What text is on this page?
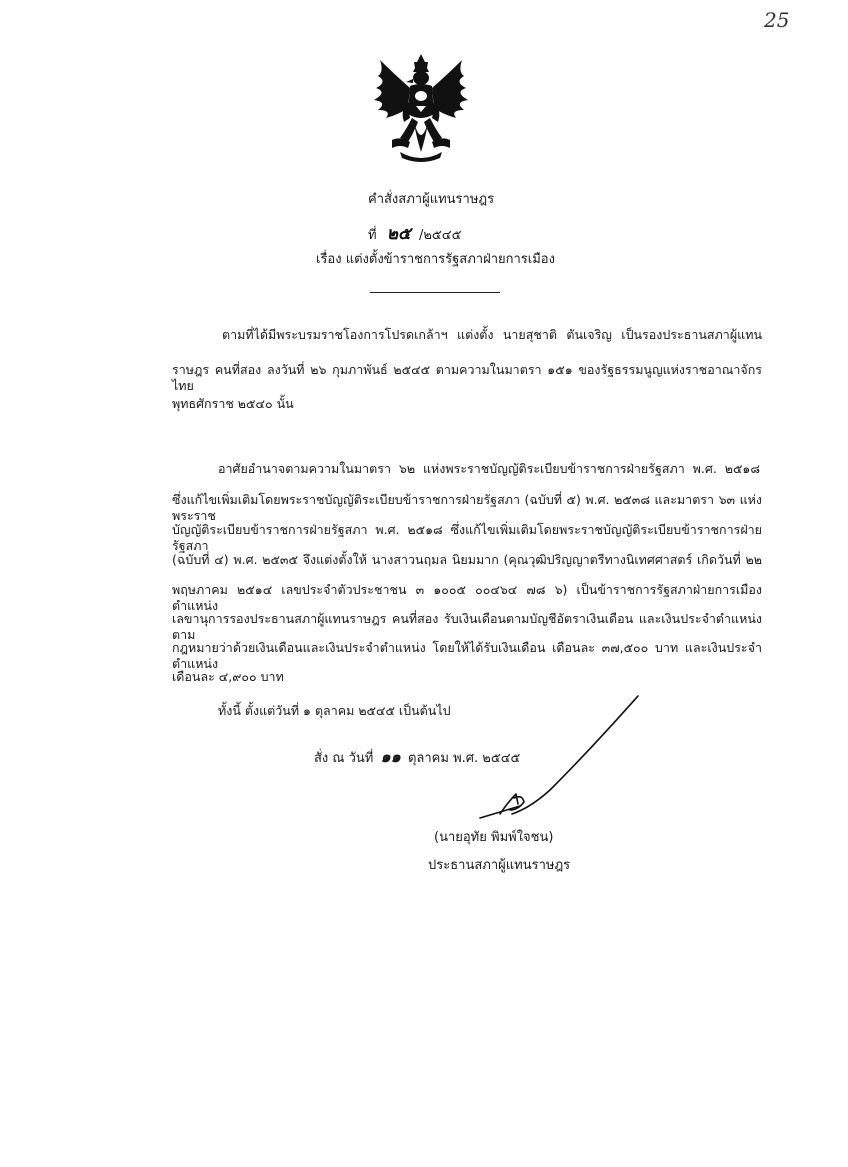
25
คำสั่งสภาผู้แทนราษฎร
ที่ ๒๕ /๒๕๔๕
เรื่อง แต่งตั้งข้าราชการรัฐสภาฝ่ายการเมือง
ตามที่ได้มีพระบรมราชโองการโปรดเกล้าฯ แต่งตั้ง นายสุชาติ ตันเจริญ เป็นรองประธานสภาผู้แทน
ราษฎร คนที่สอง ลงวันที่ ๒๖ กุมภาพันธ์ ๒๕๔๕ ตามความในมาตรา ๑๕๑ ของรัฐธรรมนูญแห่งราชอาณาจักรไทย
พุทธศักราช ๒๕๔๐ นั้น
อาศัยอำนาจตามความในมาตรา ๖๒ แห่งพระราชบัญญัติระเบียบข้าราชการฝ่ายรัฐสภา พ.ศ. ๒๕๑๘
ซึ่งแก้ไขเพิ่มเติมโดยพระราชบัญญัติระเบียบข้าราชการฝ่ายรัฐสภา (ฉบับที่ ๕) พ.ศ. ๒๕๓๘ และมาตรา ๖๓ แห่งพระราช
บัญญัติระเบียบข้าราชการฝ่ายรัฐสภา พ.ศ. ๒๕๑๘ ซึ่งแก้ไขเพิ่มเติมโดยพระราชบัญญัติระเบียบข้าราชการฝ่ายรัฐสภา
(ฉบับที่ ๔) พ.ศ. ๒๕๓๕ จึงแต่งตั้งให้ นางสาวนฤมล นิยมมาก (คุณวุฒิปริญญาตรีทางนิเทศศาสตร์ เกิดวันที่ ๒๒
พฤษภาคม ๒๕๑๔ เลขประจำตัวประชาชน ๓ ๑๐๐๕ ๐๐๔๖๔ ๗๘ ๖) เป็นข้าราชการรัฐสภาฝ่ายการเมือง ตำแหน่ง
เลขานุการรองประธานสภาผู้แทนราษฎร คนที่สอง รับเงินเดือนตามบัญชีอัตราเงินเดือน และเงินประจำตำแหน่ง ตาม
กฎหมายว่าด้วยเงินเดือนและเงินประจำตำแหน่ง โดยให้ได้รับเงินเดือน เดือนละ ๓๗,๕๐๐ บาท และเงินประจำตำแหน่ง
เดือนละ ๔,๙๐๐ บาท
ทั้งนี้ ตั้งแต่วันที่ ๑ ตุลาคม ๒๕๔๕ เป็นต้นไป
สั่ง ณ วันที่ ๑๑ ตุลาคม พ.ศ. ๒๕๔๕
(นายอุทัย พิมพ์ใจชน)
ประธานสภาผู้แทนราษฎร
